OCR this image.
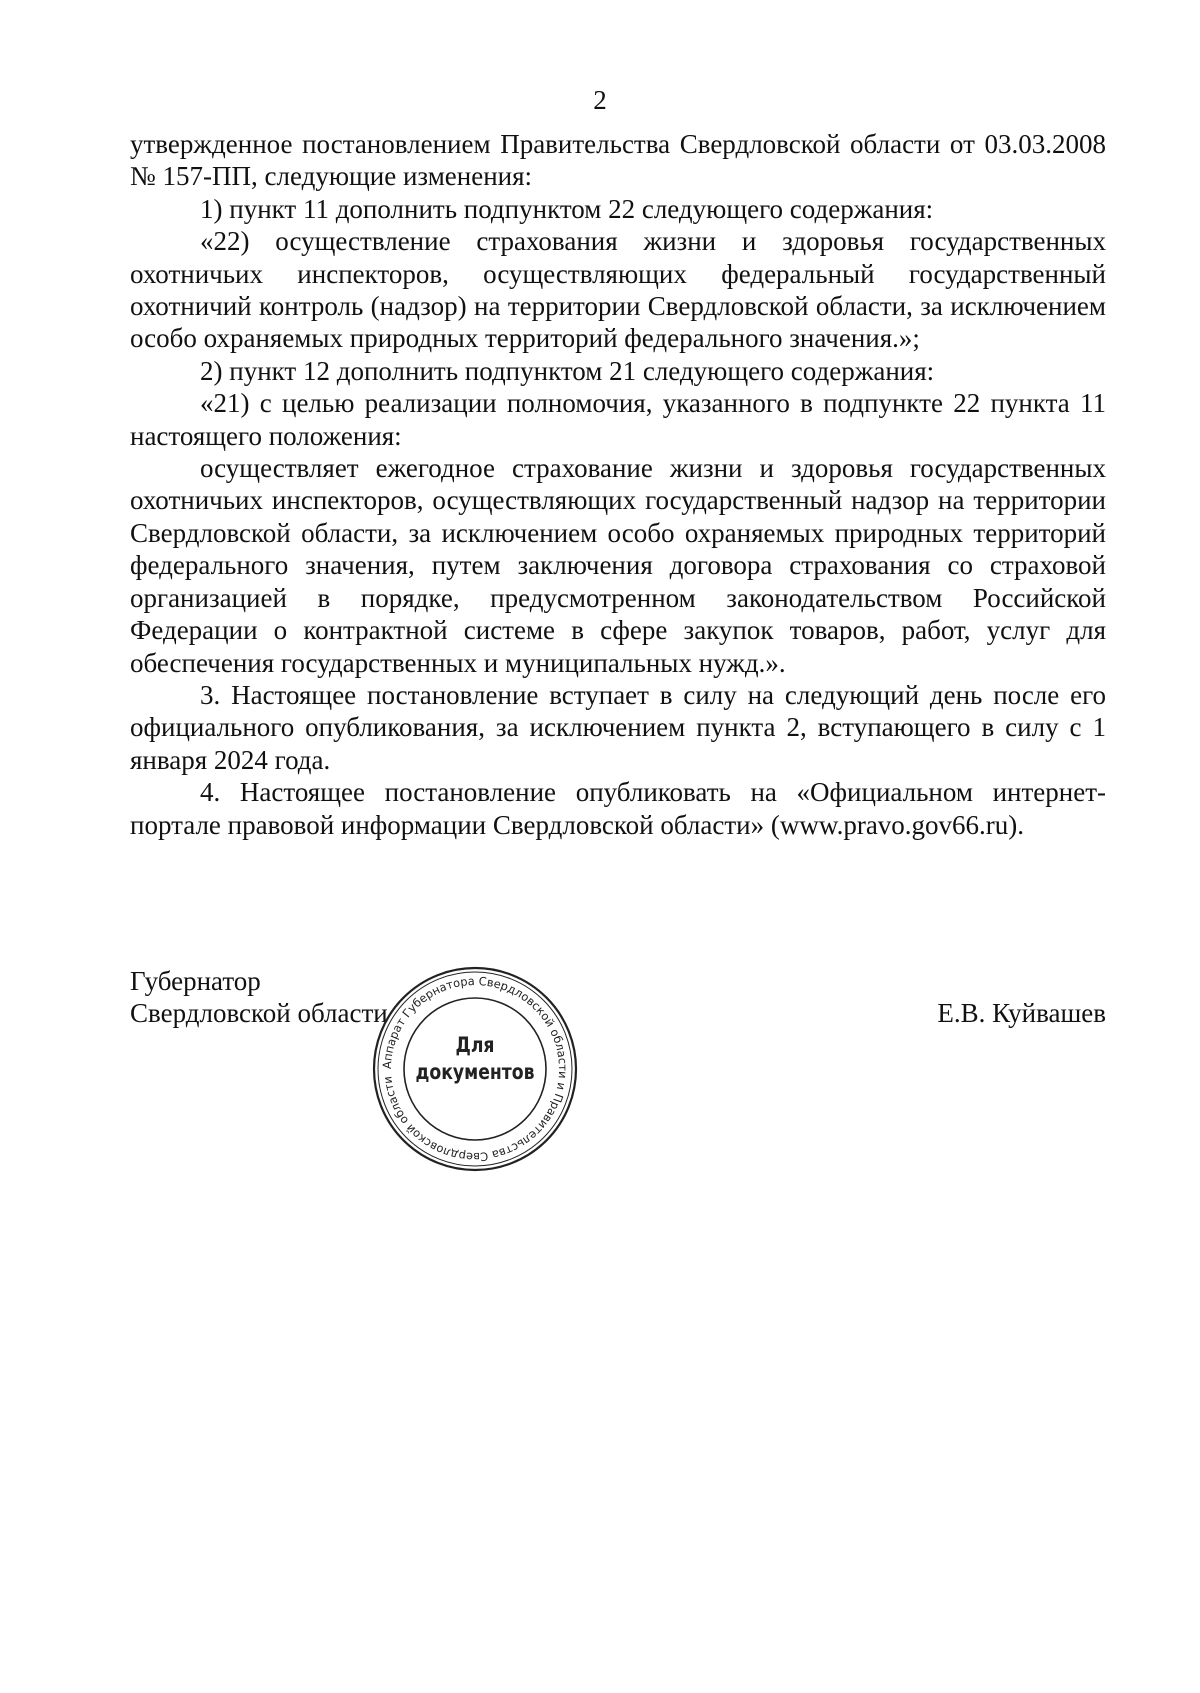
2

утвержденное постановлением Правительства Свердловской области от 03.03.2008 № 157-ПП, следующие изменения:

1) пункт 11 дополнить подпунктом 22 следующего содержания:

«22) осуществление страхования жизни и здоровья государственных охотничьих инспекторов, осуществляющих федеральный государственный охотничий контроль (надзор) на территории Свердловской области, за исключением особо охраняемых природных территорий федерального значения.»;

2) пункт 12 дополнить подпунктом 21 следующего содержания:

«21) с целью реализации полномочия, указанного в подпункте 22 пункта 11 настоящего положения:

осуществляет ежегодное страхование жизни и здоровья государственных охотничьих инспекторов, осуществляющих государственный надзор на территории Свердловской области, за исключением особо охраняемых природных территорий федерального значения, путем заключения договора страхования со страховой организацией в порядке, предусмотренном законодательством Российской Федерации о контрактной системе в сфере закупок товаров, работ, услуг для обеспечения государственных и муниципальных нужд.».

3. Настоящее постановление вступает в силу на следующий день после его официального опубликования, за исключением пункта 2, вступающего в силу с 1 января 2024 года.

4. Настоящее постановление опубликовать на «Официальном интернет-портале правовой информации Свердловской области» (www.pravo.gov66.ru).

Губернатор
Свердловской области	Е.В. Куйвашев
Аппарат Губернатора Свердловской области и Правительства Свердловской области
Для
документов
